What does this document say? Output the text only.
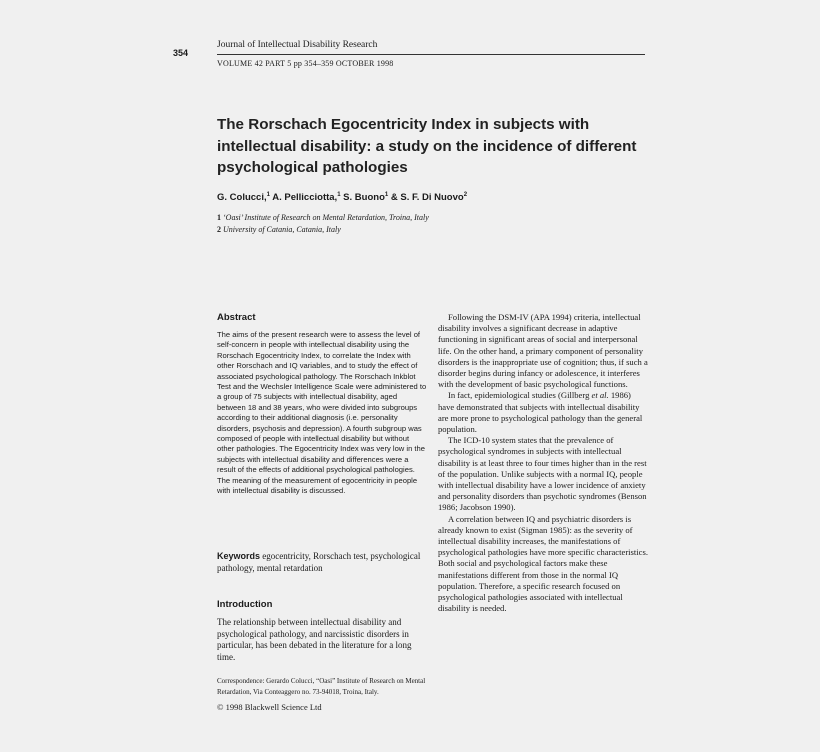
354
Journal of Intellectual Disability Research
VOLUME 42 PART 5 pp 354–359 OCTOBER 1998
The Rorschach Egocentricity Index in subjects with intellectual disability: a study on the incidence of different psychological pathologies
G. Colucci,$^1$ A. Pellicciotta,$^1$ S. Buono$^1$ & S. F. Di Nuovo$^2$
1 ‘Oasi’ Institute of Research on Mental Retardation, Troina, Italy
2 University of Catania, Catania, Italy
Abstract
The aims of the present research were to assess the level of self-concern in people with intellectual disability using the Rorschach Egocentricity Index, to correlate the Index with other Rorschach and IQ variables, and to study the effect of associated psychological pathology. The Rorschach Inkblot Test and the Wechsler Intelligence Scale were administered to a group of 75 subjects with intellectual disability, aged between 18 and 38 years, who were divided into subgroups according to their additional diagnosis (i.e. personality disorders, psychosis and depression). A fourth subgroup was composed of people with intellectual disability but without other pathologies. The Egocentricity Index was very low in the subjects with intellectual disability and differences were a result of the effects of additional psychological pathologies. The meaning of the measurement of egocentricity in people with intellectual disability is discussed.
Keywords egocentricity, Rorschach test, psychological pathology, mental retardation
Introduction
The relationship between intellectual disability and psychological pathology, and narcissistic disorders in particular, has been debated in the literature for a long time.
Correspondence: Gerardo Colucci, “Oasi” Institute of Research on Mental Retardation, Via Conteaggero no. 73-94018, Troina, Italy.
© 1998 Blackwell Science Ltd

Following the DSM-IV (APA 1994) criteria, intellectual disability involves a significant decrease in adaptive functioning in significant areas of social and interpersonal life. On the other hand, a primary component of personality disorders is the inappropriate use of cognition; thus, if such a disorder begins during infancy or adolescence, it interferes with the development of basic psychological functions.

In fact, epidemiological studies (Gillberg et al. 1986) have demonstrated that subjects with intellectual disability are more prone to psychological pathology than the general population.

The ICD-10 system states that the prevalence of psychological syndromes in subjects with intellectual disability is at least three to four times higher than in the rest of the population. Unlike subjects with a normal IQ, people with intellectual disability have a lower incidence of anxiety and personality disorders than psychotic syndromes (Benson 1986; Jacobson 1990).

A correlation between IQ and psychiatric disorders is already known to exist (Sigman 1985): as the severity of intellectual disability increases, the manifestations of psychological pathologies have more specific characteristics. Both social and psychological factors make these manifestations different from those in the normal IQ population. Therefore, a specific research focused on psychological pathologies associated with intellectual disability is needed.
